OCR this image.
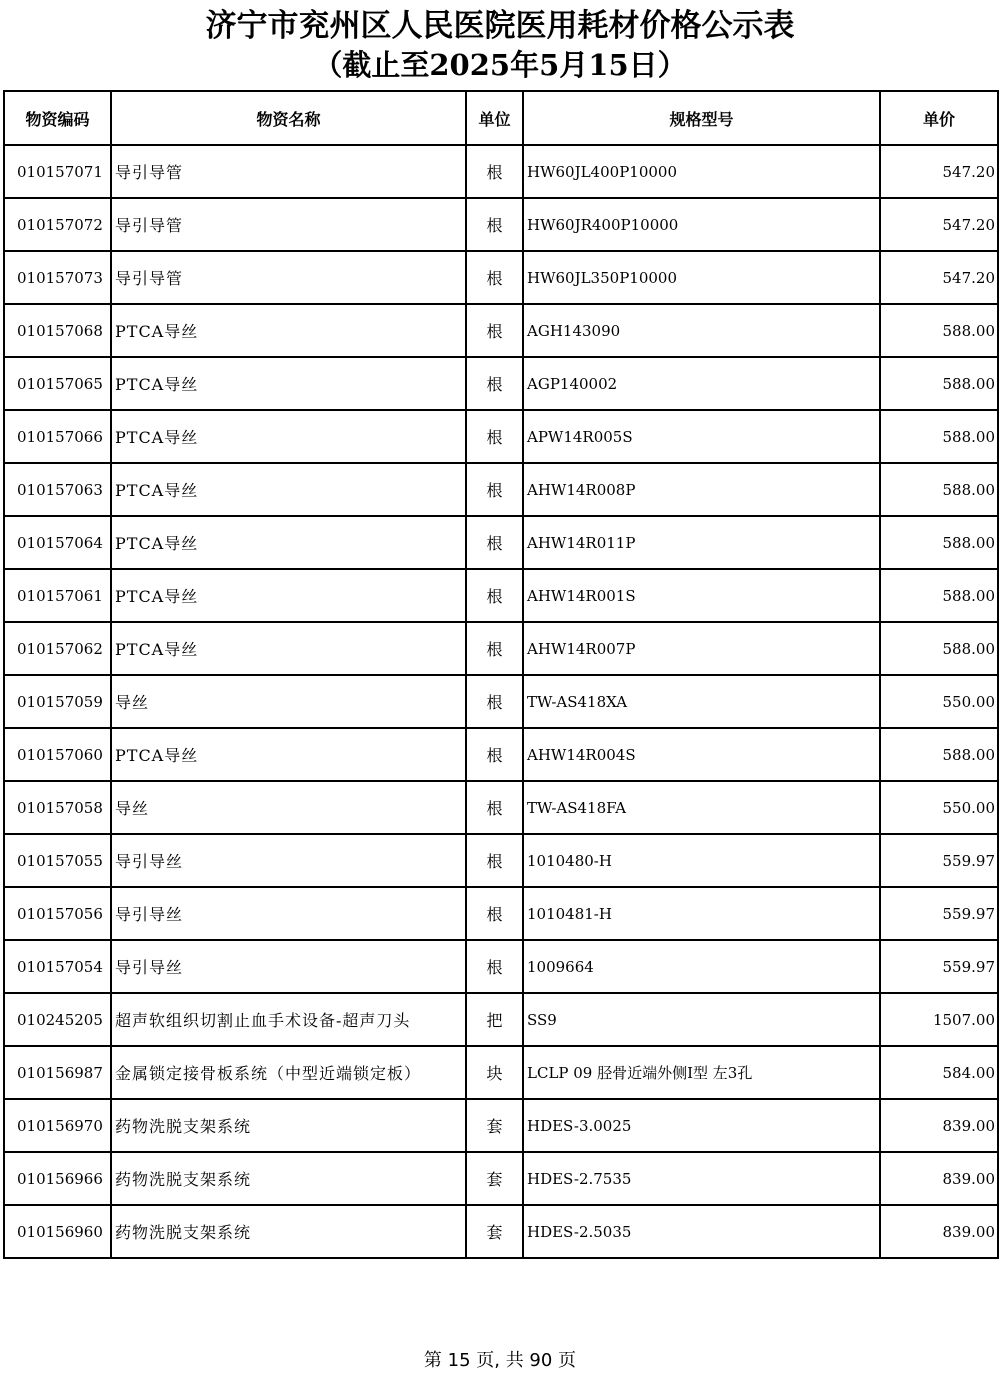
济宁市兖州区人民医院医用耗材价格公示表
（截止至2025年5月15日）
物资编码	物资名称	单位	规格型号	单价
010157071	导引导管	根	HW60JL400P10000	547.20
010157072	导引导管	根	HW60JR400P10000	547.20
010157073	导引导管	根	HW60JL350P10000	547.20
010157068	PTCA导丝	根	AGH143090	588.00
010157065	PTCA导丝	根	AGP140002	588.00
010157066	PTCA导丝	根	APW14R005S	588.00
010157063	PTCA导丝	根	AHW14R008P	588.00
010157064	PTCA导丝	根	AHW14R011P	588.00
010157061	PTCA导丝	根	AHW14R001S	588.00
010157062	PTCA导丝	根	AHW14R007P	588.00
010157059	导丝	根	TW-AS418XA	550.00
010157060	PTCA导丝	根	AHW14R004S	588.00
010157058	导丝	根	TW-AS418FA	550.00
010157055	导引导丝	根	1010480-H	559.97
010157056	导引导丝	根	1010481-H	559.97
010157054	导引导丝	根	1009664	559.97
010245205	超声软组织切割止血手术设备-超声刀头	把	SS9	1507.00
010156987	金属锁定接骨板系统（中型近端锁定板）	块	LCLP 09 胫骨近端外侧Ⅰ型 左3孔	584.00
010156970	药物洗脱支架系统	套	HDES-3.0025	839.00
010156966	药物洗脱支架系统	套	HDES-2.7535	839.00
010156960	药物洗脱支架系统	套	HDES-2.5035	839.00
第 15 页, 共 90 页
